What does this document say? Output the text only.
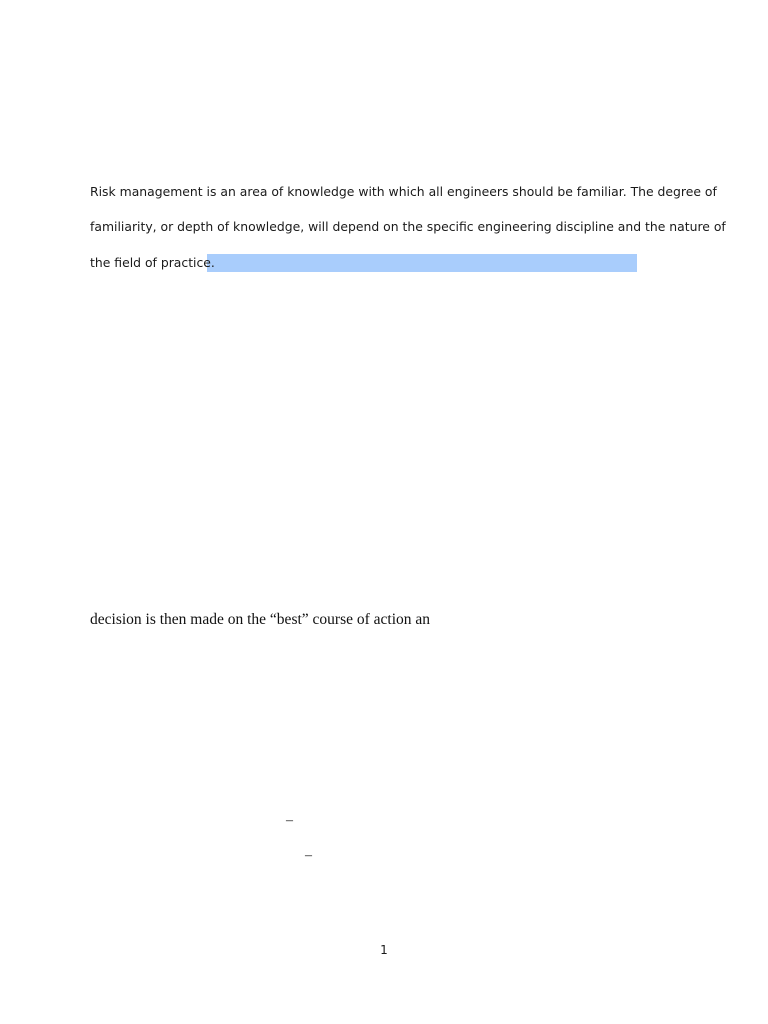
Risk management is an area of knowledge with which all engineers should be familiar. The degree of
familiarity, or depth of knowledge, will depend on the specific engineering discipline and the nature of
the field of practice.
decision is then made on the “best” course of action an
–
–
1
